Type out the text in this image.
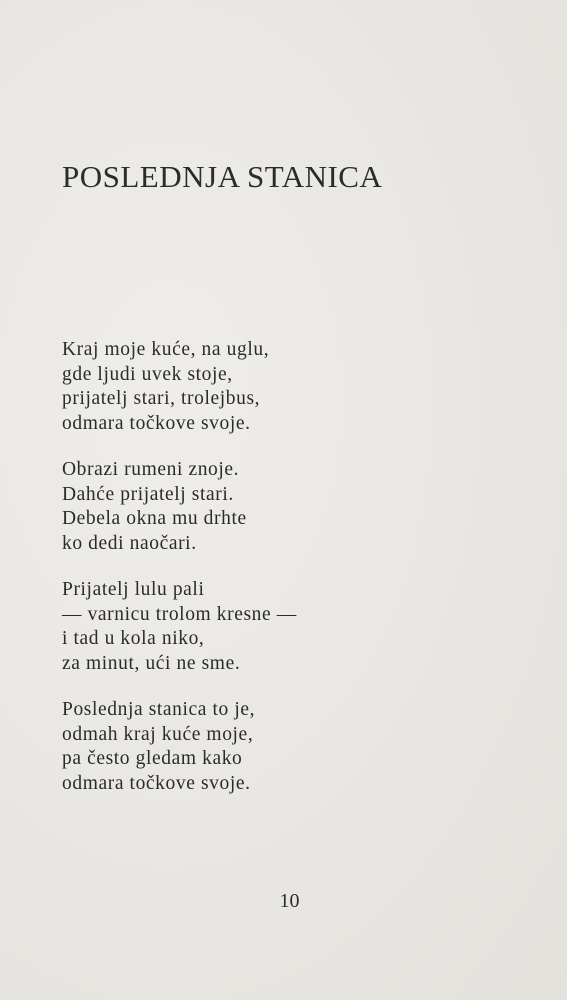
POSLEDNJA STANICA

Kraj moje kuće, na uglu,
gde ljudi uvek stoje,
prijatelj stari, trolejbus,
odmara točkove svoje.

Obrazi rumeni znoje.
Dahće prijatelj stari.
Debela okna mu drhte
ko dedi naočari.

Prijatelj lulu pali
— varnicu trolom kresne —
i tad u kola niko,
za minut, ući ne sme.

Poslednja stanica to je,
odmah kraj kuće moje,
pa često gledam kako
odmara točkove svoje.

10
